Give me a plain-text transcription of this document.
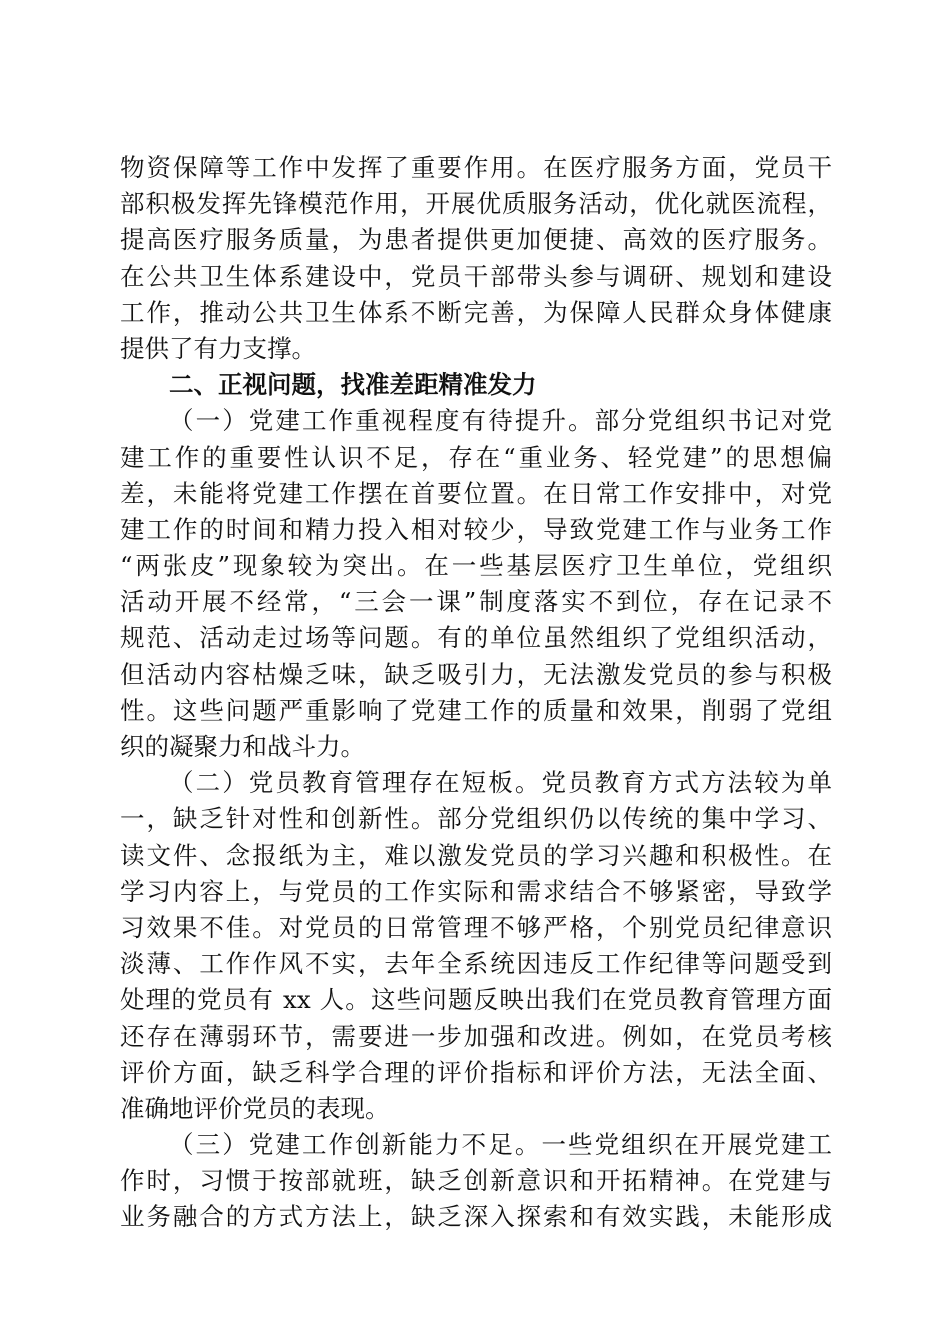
物资保障等工作中发挥了重要作用。在医疗服务方面，党员干
部积极发挥先锋模范作用，开展优质服务活动，优化就医流程，
提高医疗服务质量，为患者提供更加便捷、高效的医疗服务。
在公共卫生体系建设中，党员干部带头参与调研、规划和建设
工作，推动公共卫生体系不断完善，为保障人民群众身体健康
提供了有力支撑。
二、正视问题，找准差距精准发力
（一）党建工作重视程度有待提升。部分党组织书记对党
建工作的重要性认识不足，存在“重业务、轻党建”的思想偏
差，未能将党建工作摆在首要位置。在日常工作安排中，对党
建工作的时间和精力投入相对较少，导致党建工作与业务工作
“两张皮”现象较为突出。在一些基层医疗卫生单位，党组织
活动开展不经常，“三会一课”制度落实不到位，存在记录不
规范、活动走过场等问题。有的单位虽然组织了党组织活动，
但活动内容枯燥乏味，缺乏吸引力，无法激发党员的参与积极
性。这些问题严重影响了党建工作的质量和效果，削弱了党组
织的凝聚力和战斗力。
（二）党员教育管理存在短板。党员教育方式方法较为单
一，缺乏针对性和创新性。部分党组织仍以传统的集中学习、
读文件、念报纸为主，难以激发党员的学习兴趣和积极性。在
学习内容上，与党员的工作实际和需求结合不够紧密，导致学
习效果不佳。对党员的日常管理不够严格，个别党员纪律意识
淡薄、工作作风不实，去年全系统因违反工作纪律等问题受到
处理的党员有 xx 人。这些问题反映出我们在党员教育管理方面
还存在薄弱环节，需要进一步加强和改进。例如，在党员考核
评价方面，缺乏科学合理的评价指标和评价方法，无法全面、
准确地评价党员的表现。
（三）党建工作创新能力不足。一些党组织在开展党建工
作时，习惯于按部就班，缺乏创新意识和开拓精神。在党建与
业务融合的方式方法上，缺乏深入探索和有效实践，未能形成
